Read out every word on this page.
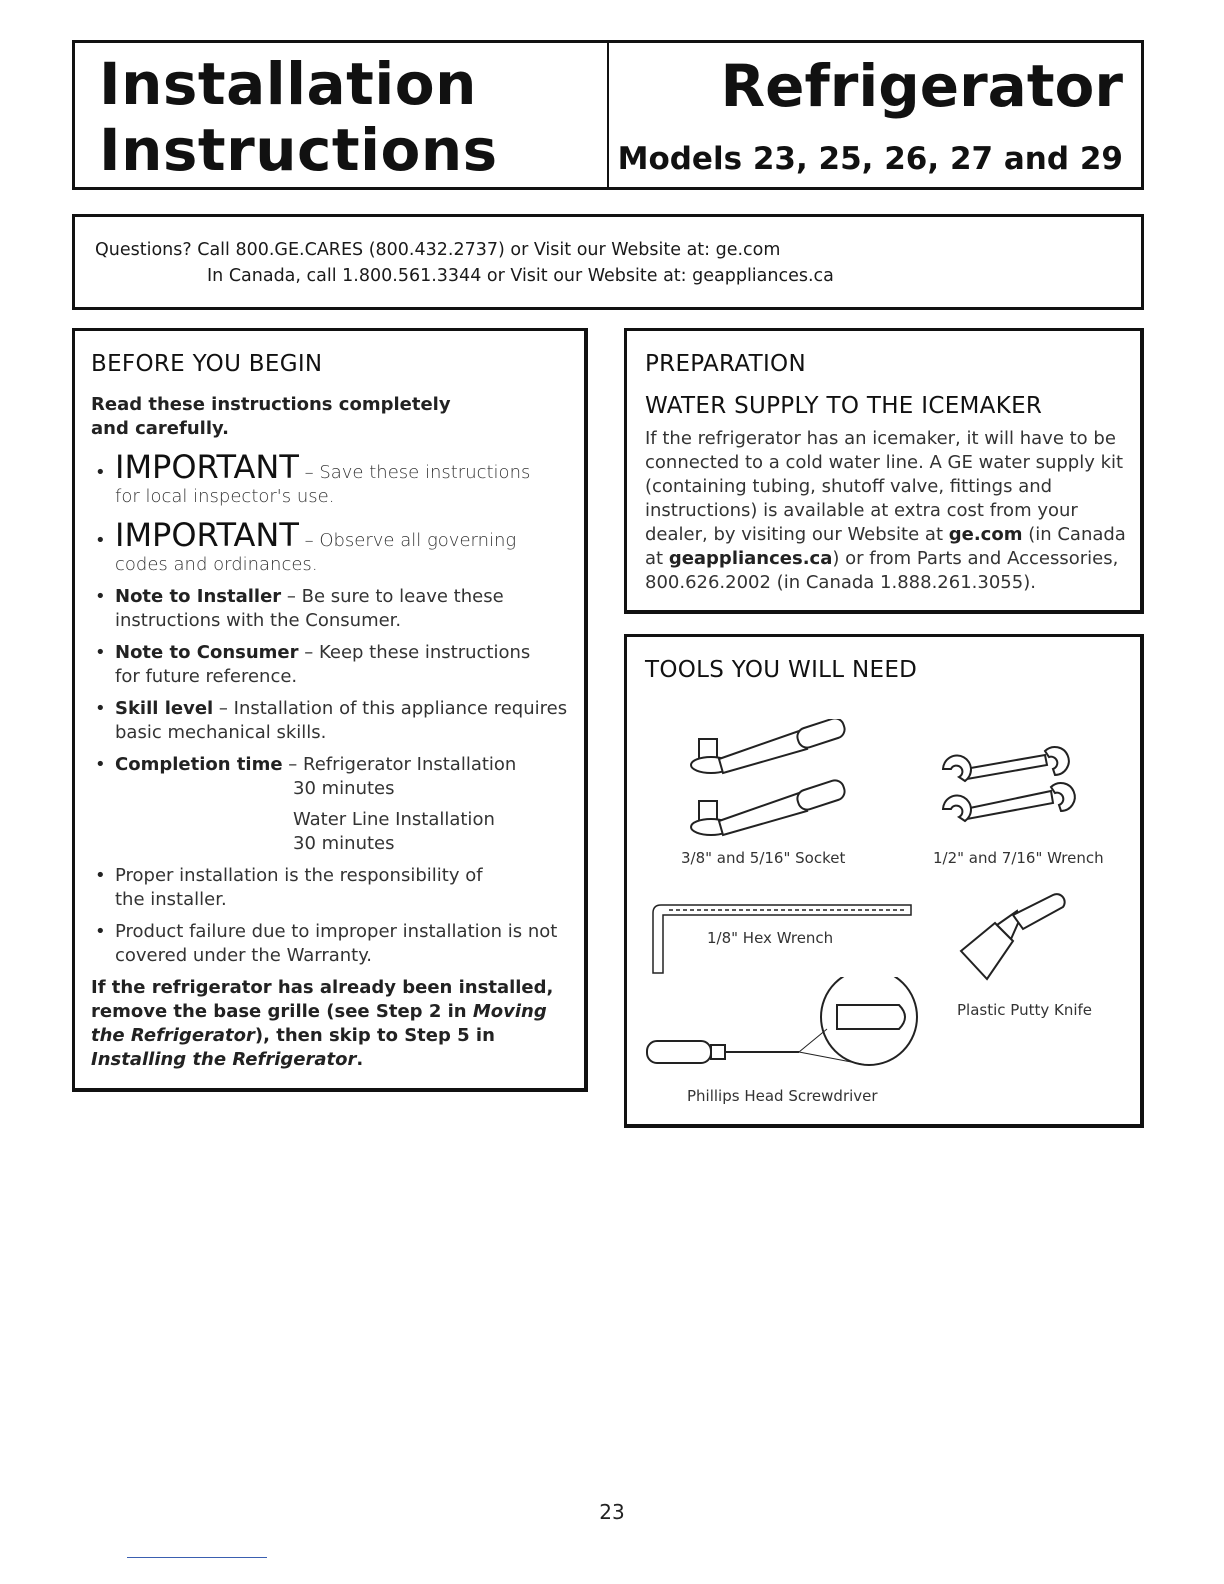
Installation
Instructions
Refrigerator
Models 23, 25, 26, 27 and 29
Questions? Call 800.GE.CARES (800.432.2737) or Visit our Website at: ge.com
In Canada, call 1.800.561.3344 or Visit our Website at: geappliances.ca
BEFORE YOU BEGIN
Read these instructions completely
and carefully.
• IMPORTANT – Save these instructions
for local inspector's use.
• IMPORTANT – Observe all governing
codes and ordinances.
• Note to Installer – Be sure to leave these
instructions with the Consumer.
• Note to Consumer – Keep these instructions
for future reference.
• Skill level – Installation of this appliance requires
basic mechanical skills.
• Completion time – Refrigerator Installation
30 minutes
Water Line Installation
30 minutes
• Proper installation is the responsibility of
the installer.
• Product failure due to improper installation is not
covered under the Warranty.
If the refrigerator has already been installed, remove the base grille (see Step 2 in Moving the Refrigerator), then skip to Step 5 in Installing the Refrigerator.
PREPARATION
WATER SUPPLY TO THE ICEMAKER
If the refrigerator has an icemaker, it will have to be connected to a cold water line. A GE water supply kit (containing tubing, shutoff valve, fittings and instructions) is available at extra cost from your dealer, by visiting our Website at ge.com (in Canada at geappliances.ca) or from Parts and Accessories, 800.626.2002 (in Canada 1.888.261.3055).
TOOLS YOU WILL NEED
3/8" and 5/16" Socket	1/2" and 7/16" Wrench
1/8" Hex Wrench
Plastic Putty Knife
Phillips Head Screwdriver
23
